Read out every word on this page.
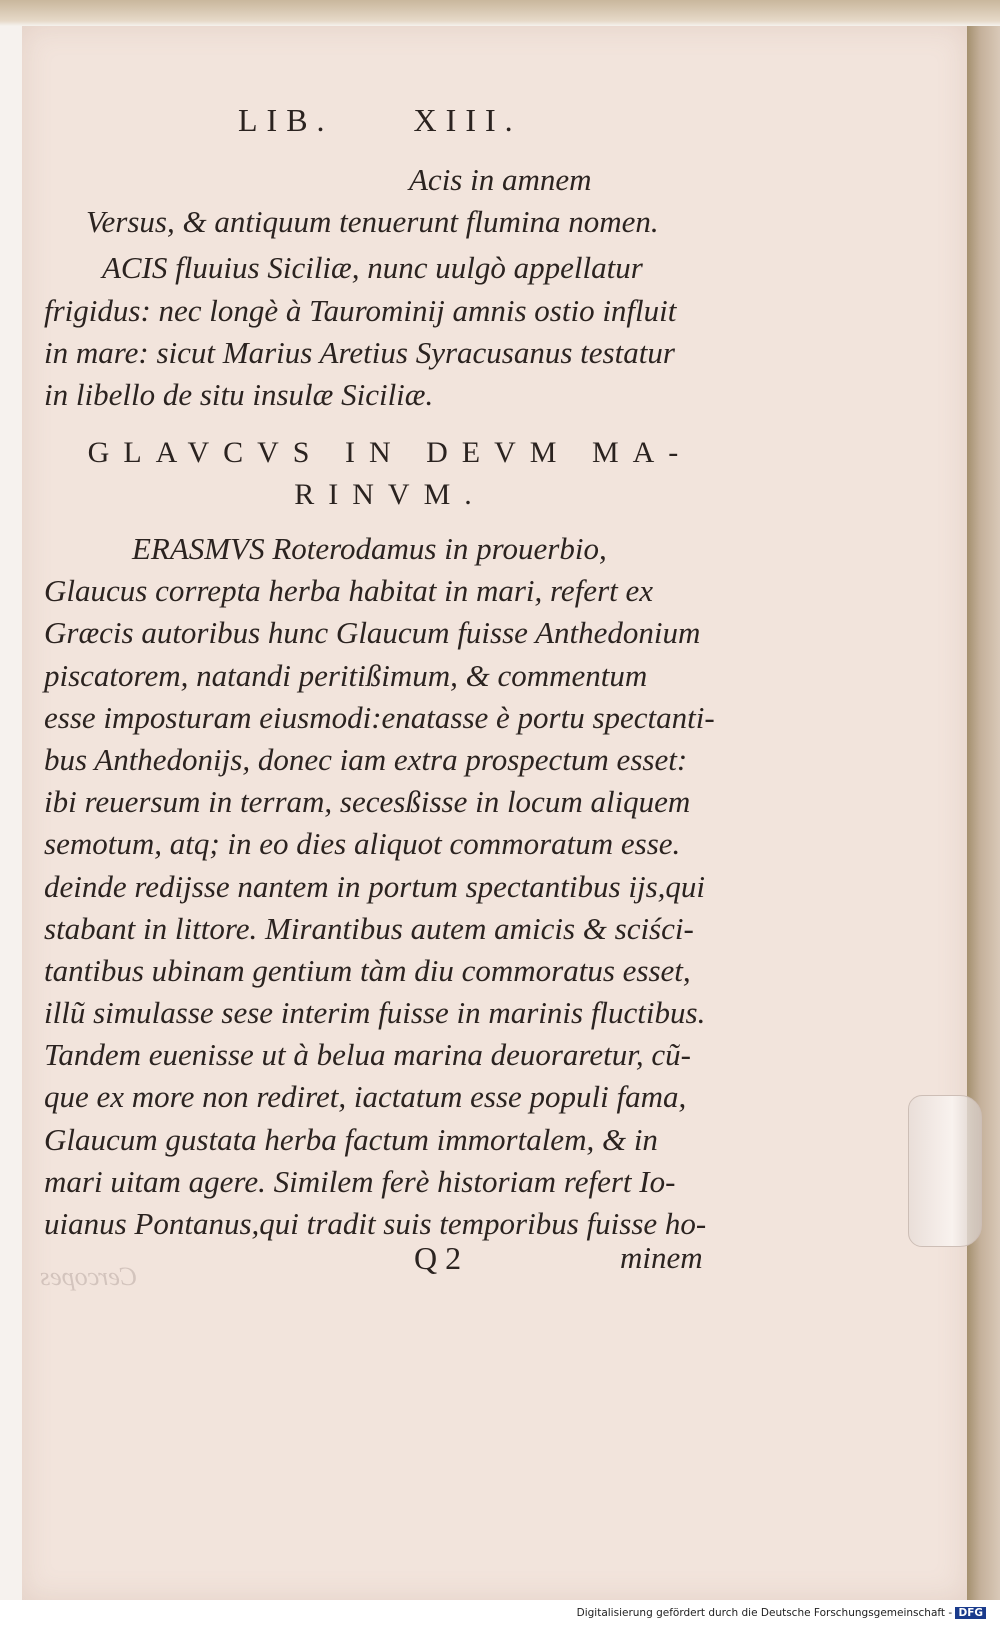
LIB.	XIII.
Acis in amnem
Versus, & antiquum tenuerunt flumina nomen.
ACIS fluuius Siciliæ, nunc uulgò appellatur
frigidus: nec longè à Taurominij amnis ostio influit
in mare: sicut Marius Aretius Syracusanus testatur
in libello de situ insulæ Siciliæ.
GLAVCVS IN DEVM MA-
RINVM.
ERASMVS Roterodamus in prouerbio,
Glaucus correpta herba habitat in mari, refert ex
Græcis autoribus hunc Glaucum fuisse Anthedonium
piscatorem, natandi peritißimum, & commentum
esse imposturam eiusmodi:enatasse è portu spectanti-
bus Anthedonijs, donec iam extra prospectum esset:
ibi reuersum in terram, secesßisse in locum aliquem
semotum, atq; in eo dies aliquot commoratum esse.
deinde redijsse nantem in portum spectantibus ijs,qui
stabant in littore. Mirantibus autem amicis & sciści-
tantibus ubinam gentium tàm diu commoratus esset,
illũ simulasse sese interim fuisse in marinis fluctibus.
Tandem euenisse ut à belua marina deuoraretur, cũ-
que ex more non rediret, iactatum esse populi fama,
Glaucum gustata herba factum immortalem, & in
mari uitam agere. Similem ferè historiam refert Io-
uianus Pontanus,qui tradit suis temporibus fuisse ho-
Cercopes
Q 2	minem
Digitalisierung gefördert durch die Deutsche Forschungsgemeinschaft - DFG
